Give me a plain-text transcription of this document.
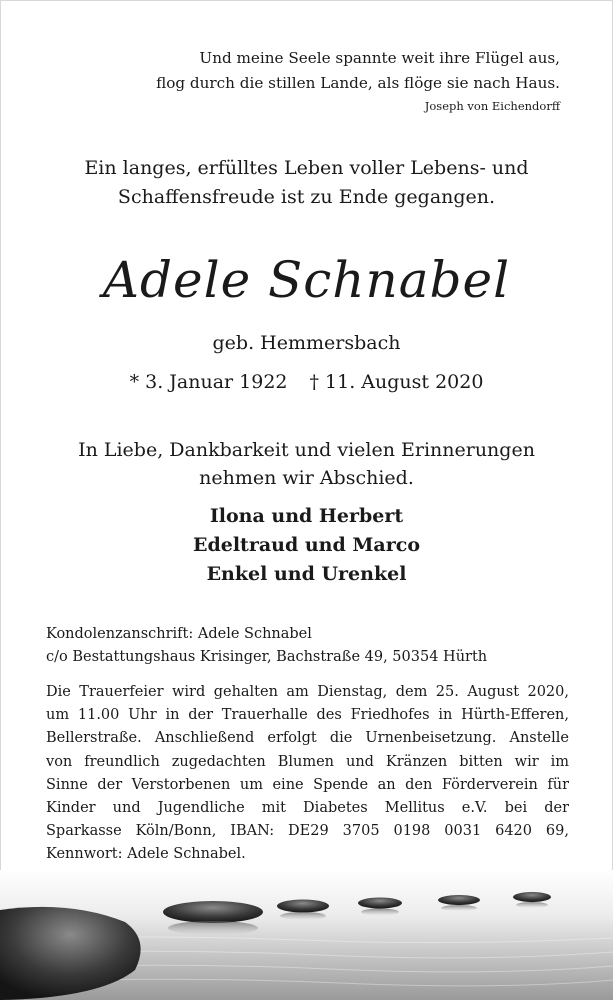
Und meine Seele spannte weit ihre Flügel aus,
flog durch die stillen Lande, als flöge sie nach Haus.
Joseph von Eichendorff
Ein langes, erfülltes Leben voller Lebens- und
Schaffensfreude ist zu Ende gegangen.
Adele Schnabel
geb. Hemmersbach
* 3. Januar 1922 † 11. August 2020
In Liebe, Dankbarkeit und vielen Erinnerungen
nehmen wir Abschied.
Ilona und Herbert
Edeltraud und Marco
Enkel und Urenkel
Kondolenzanschrift: Adele Schnabel
c/o Bestattungshaus Krisinger, Bachstraße 49, 50354 Hürth
Die Trauerfeier wird gehalten am Dienstag, dem 25. August 2020,
um 11.00 Uhr in der Trauerhalle des Friedhofes in Hürth-Efferen,
Bellerstraße. Anschließend erfolgt die Urnenbeisetzung. Anstelle
von freundlich zugedachten Blumen und Kränzen bitten wir im
Sinne der Verstorbenen um eine Spende an den Förderverein für
Kinder und Jugendliche mit Diabetes Mellitus e.V. bei der
Sparkasse Köln/Bonn, IBAN: DE29 3705 0198 0031 6420 69,
Kennwort: Adele Schnabel.
